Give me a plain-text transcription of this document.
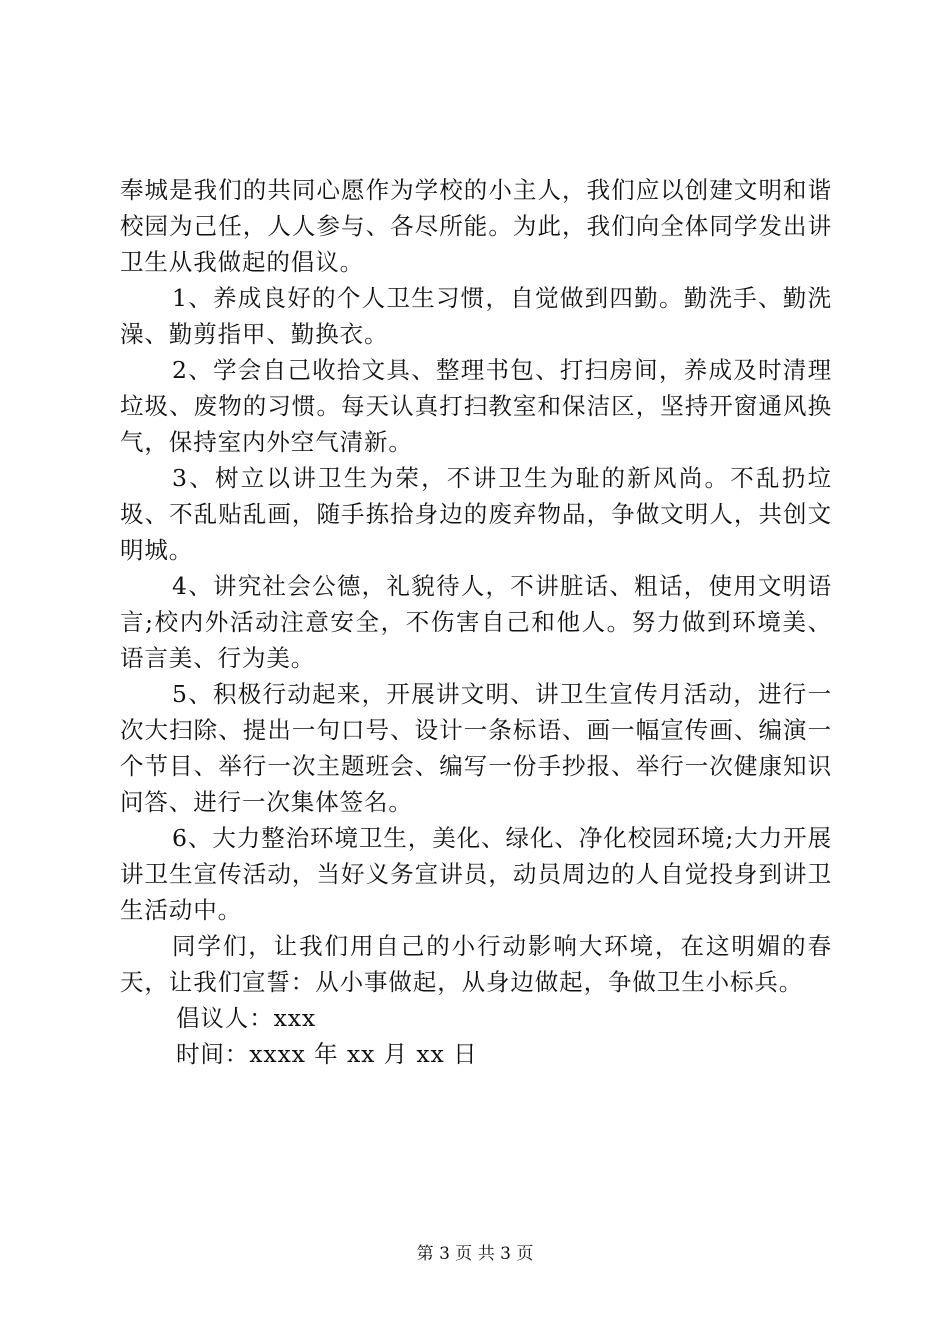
奉城是我们的共同心愿作为学校的小主人，我们应以创建文明和谐校园为己任，人人参与、各尽所能。为此，我们向全体同学发出讲卫生从我做起的倡议。

1、养成良好的个人卫生习惯，自觉做到四勤。勤洗手、勤洗澡、勤剪指甲、勤换衣。

2、学会自己收拾文具、整理书包、打扫房间，养成及时清理垃圾、废物的习惯。每天认真打扫教室和保洁区，坚持开窗通风换气，保持室内外空气清新。

3、树立以讲卫生为荣，不讲卫生为耻的新风尚。不乱扔垃圾、不乱贴乱画，随手拣拾身边的废弃物品，争做文明人，共创文明城。

4、讲究社会公德，礼貌待人，不讲脏话、粗话，使用文明语言;校内外活动注意安全，不伤害自己和他人。努力做到环境美、语言美、行为美。

5、积极行动起来，开展讲文明、讲卫生宣传月活动，进行一次大扫除、提出一句口号、设计一条标语、画一幅宣传画、编演一个节目、举行一次主题班会、编写一份手抄报、举行一次健康知识问答、进行一次集体签名。

6、大力整治环境卫生，美化、绿化、净化校园环境;大力开展讲卫生宣传活动，当好义务宣讲员，动员周边的人自觉投身到讲卫生活动中。

同学们，让我们用自己的小行动影响大环境，在这明媚的春天，让我们宣誓：从小事做起，从身边做起，争做卫生小标兵。

倡议人：xxx

时间：xxxx 年 xx 月 xx 日

第 3 页 共 3 页
